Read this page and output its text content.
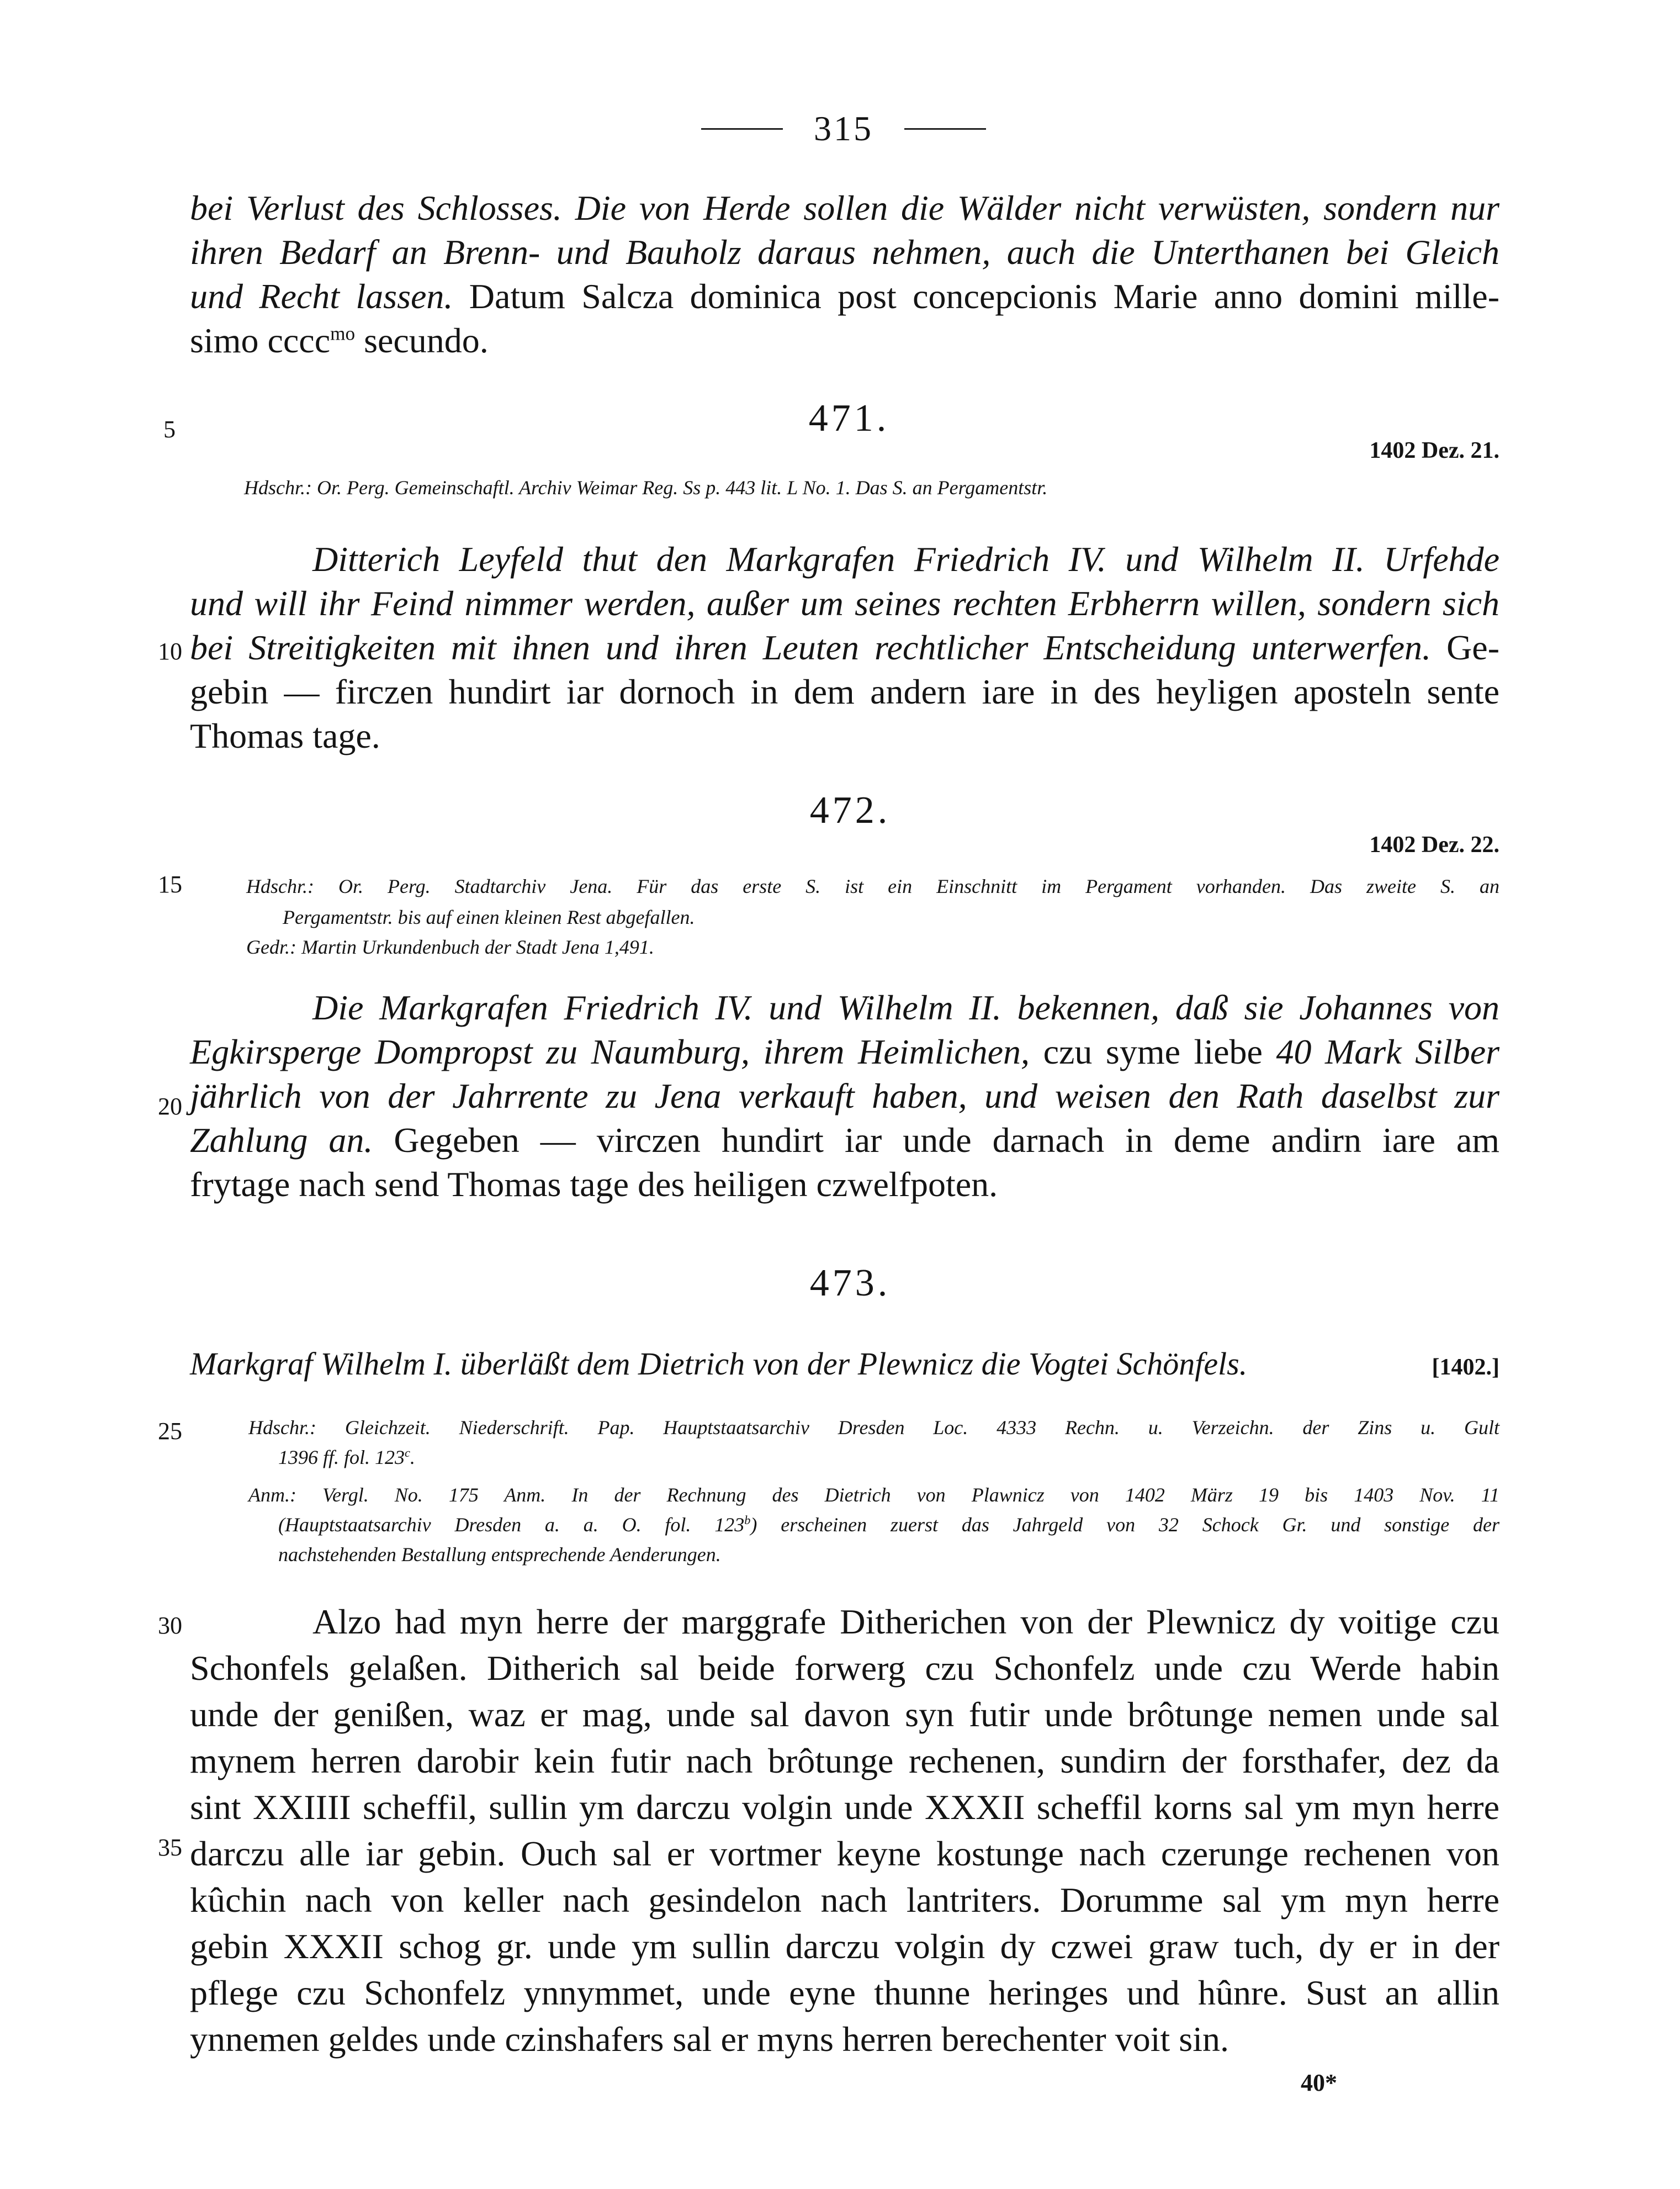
315
bei Verlust des Schlosses. Die von Herde sollen die Wälder nicht verwüsten, sondern nur
ihren Bedarf an Brenn- und Bauholz daraus nehmen, auch die Unterthanen bei Gleich
und Recht lassen. Datum Salcza dominica post concepcionis Marie anno domini mille-
simo cccc$^{mo}$ secundo.
5
10
15
20
25
30
35
471.
1402 Dez. 21.
Hdschr.: Or. Perg. Gemeinschaftl. Archiv Weimar Reg. Ss p. 443 lit. L No. 1. Das S. an Pergamentstr.
Ditterich Leyfeld thut den Markgrafen Friedrich IV. und Wilhelm II. Urfehde
und will ihr Feind nimmer werden, außer um seines rechten Erbherrn willen, sondern sich
bei Streitigkeiten mit ihnen und ihren Leuten rechtlicher Entscheidung unterwerfen. Ge-
gebin — firczen hundirt iar dornoch in dem andern iare in des heyligen aposteln sente
Thomas tage.
472.
1402 Dez. 22.
Hdschr.: Or. Perg. Stadtarchiv Jena. Für das erste S. ist ein Einschnitt im Pergament vorhanden. Das zweite S. an
Pergamentstr. bis auf einen kleinen Rest abgefallen.
Gedr.: Martin Urkundenbuch der Stadt Jena 1,491.
Die Markgrafen Friedrich IV. und Wilhelm II. bekennen, daß sie Johannes von
Egkirsperge Dompropst zu Naumburg, ihrem Heimlichen, czu syme liebe 40 Mark Silber
jährlich von der Jahrrente zu Jena verkauft haben, und weisen den Rath daselbst zur
Zahlung an. Gegeben — virczen hundirt iar unde darnach in deme andirn iare am
frytage nach send Thomas tage des heiligen czwelfpoten.
473.
Markgraf Wilhelm I. überläßt dem Dietrich von der Plewnicz die Vogtei Schönfels.	[1402.]
Hdschr.: Gleichzeit. Niederschrift. Pap. Hauptstaatsarchiv Dresden Loc. 4333 Rechn. u. Verzeichn. der Zins u. Gult
1396 ff. fol. 123$^c$.
Anm.: Vergl. No. 175 Anm. In der Rechnung des Dietrich von Plawnicz von 1402 März 19 bis 1403 Nov. 11
(Hauptstaatsarchiv Dresden a. a. O. fol. 123$^b$) erscheinen zuerst das Jahrgeld von 32 Schock Gr. und sonstige der
nachstehenden Bestallung entsprechende Aenderungen.
Alzo had myn herre der marggrafe Ditherichen von der Plewnicz dy voitige czu
Schonfels gelaßen. Ditherich sal beide forwerg czu Schonfelz unde czu Werde habin
unde der genißen, waz er mag, unde sal davon syn futir unde brôtunge nemen unde sal
mynem herren darobir kein futir nach brôtunge rechenen, sundirn der forsthafer, dez da
sint XXIIII scheffil, sullin ym darczu volgin unde XXXII scheffil korns sal ym myn herre
darczu alle iar gebin. Ouch sal er vortmer keyne kostunge nach czerunge rechenen von
kûchin nach von keller nach gesindelon nach lantriters. Dorumme sal ym myn herre
gebin XXXII schog gr. unde ym sullin darczu volgin dy czwei graw tuch, dy er in der
pflege czu Schonfelz ynnymmet, unde eyne thunne heringes und hûnre. Sust an allin
ynnemen geldes unde czinshafers sal er myns herren berechenter voit sin.
40*
